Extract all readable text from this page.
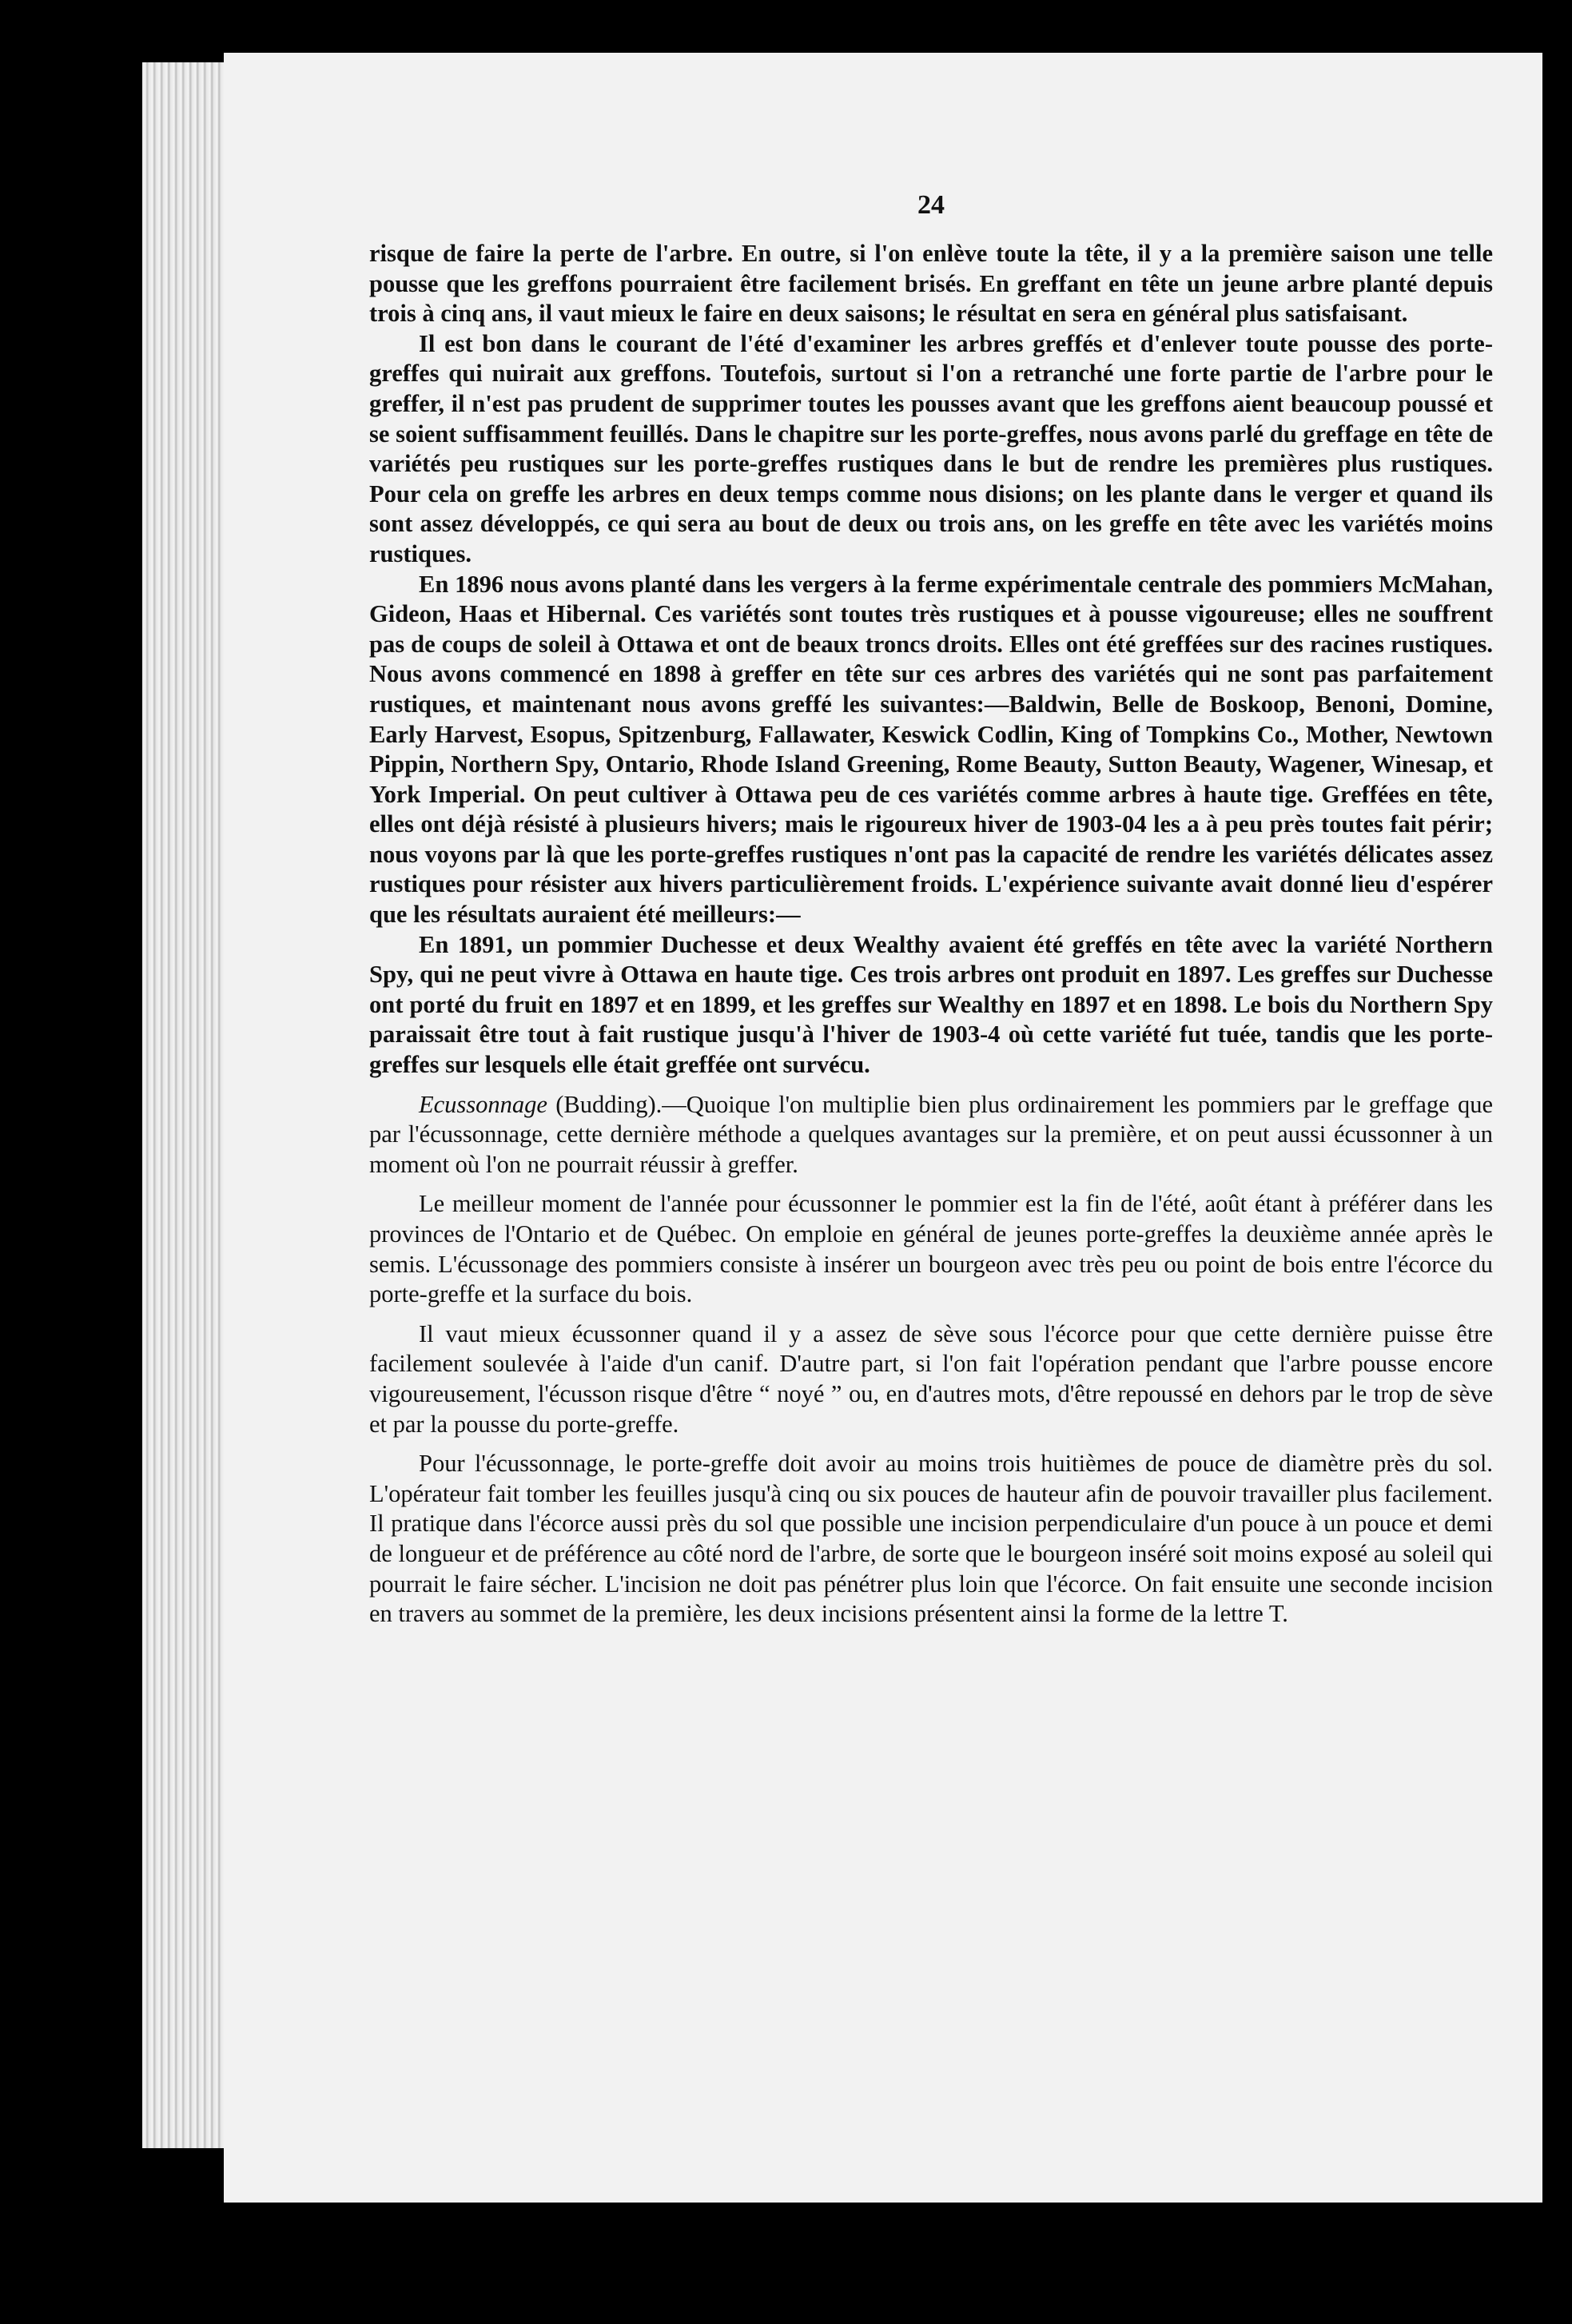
24

risque de faire la perte de l'arbre. En outre, si l'on enlève toute la tête, il y a la première saison une telle pousse que les greffons pourraient être facilement brisés. En greffant en tête un jeune arbre planté depuis trois à cinq ans, il vaut mieux le faire en deux saisons; le résultat en sera en général plus satisfaisant.

Il est bon dans le courant de l'été d'examiner les arbres greffés et d'enlever toute pousse des porte-greffes qui nuirait aux greffons. Toutefois, surtout si l'on a retranché une forte partie de l'arbre pour le greffer, il n'est pas prudent de supprimer toutes les pousses avant que les greffons aient beaucoup poussé et se soient suffisamment feuillés. Dans le chapitre sur les porte-greffes, nous avons parlé du greffage en tête de variétés peu rustiques sur les porte-greffes rustiques dans le but de rendre les premières plus rustiques. Pour cela on greffe les arbres en deux temps comme nous disions; on les plante dans le verger et quand ils sont assez développés, ce qui sera au bout de deux ou trois ans, on les greffe en tête avec les variétés moins rustiques.

En 1896 nous avons planté dans les vergers à la ferme expérimentale centrale des pommiers McMahan, Gideon, Haas et Hibernal. Ces variétés sont toutes très rustiques et à pousse vigoureuse; elles ne souffrent pas de coups de soleil à Ottawa et ont de beaux troncs droits. Elles ont été greffées sur des racines rustiques. Nous avons commencé en 1898 à greffer en tête sur ces arbres des variétés qui ne sont pas parfaitement rustiques, et maintenant nous avons greffé les suivantes:—Baldwin, Belle de Boskoop, Benoni, Domine, Early Harvest, Esopus, Spitzenburg, Fallawater, Keswick Codlin, King of Tompkins Co., Mother, Newtown Pippin, Northern Spy, Ontario, Rhode Island Greening, Rome Beauty, Sutton Beauty, Wagener, Winesap, et York Imperial. On peut cultiver à Ottawa peu de ces variétés comme arbres à haute tige. Greffées en tête, elles ont déjà résisté à plusieurs hivers; mais le rigoureux hiver de 1903-04 les a à peu près toutes fait périr; nous voyons par là que les porte-greffes rustiques n'ont pas la capacité de rendre les variétés délicates assez rustiques pour résister aux hivers particulièrement froids. L'expérience suivante avait donné lieu d'espérer que les résultats auraient été meilleurs:—

En 1891, un pommier Duchesse et deux Wealthy avaient été greffés en tête avec la variété Northern Spy, qui ne peut vivre à Ottawa en haute tige. Ces trois arbres ont produit en 1897. Les greffes sur Duchesse ont porté du fruit en 1897 et en 1899, et les greffes sur Wealthy en 1897 et en 1898. Le bois du Northern Spy paraissait être tout à fait rustique jusqu'à l'hiver de 1903-4 où cette variété fut tuée, tandis que les porte-greffes sur lesquels elle était greffée ont survécu.

Ecussonnage (Budding).—Quoique l'on multiplie bien plus ordinairement les pommiers par le greffage que par l'écussonnage, cette dernière méthode a quelques avantages sur la première, et on peut aussi écussonner à un moment où l'on ne pourrait réussir à greffer.

Le meilleur moment de l'année pour écussonner le pommier est la fin de l'été, août étant à préférer dans les provinces de l'Ontario et de Québec. On emploie en général de jeunes porte-greffes la deuxième année après le semis. L'écussonage des pommiers consiste à insérer un bourgeon avec très peu ou point de bois entre l'écorce du porte-greffe et la surface du bois.

Il vaut mieux écussonner quand il y a assez de sève sous l'écorce pour que cette dernière puisse être facilement soulevée à l'aide d'un canif. D'autre part, si l'on fait l'opération pendant que l'arbre pousse encore vigoureusement, l'écusson risque d'être “ noyé ” ou, en d'autres mots, d'être repoussé en dehors par le trop de sève et par la pousse du porte-greffe.

Pour l'écussonnage, le porte-greffe doit avoir au moins trois huitièmes de pouce de diamètre près du sol. L'opérateur fait tomber les feuilles jusqu'à cinq ou six pouces de hauteur afin de pouvoir travailler plus facilement. Il pratique dans l'écorce aussi près du sol que possible une incision perpendiculaire d'un pouce à un pouce et demi de longueur et de préférence au côté nord de l'arbre, de sorte que le bourgeon inséré soit moins exposé au soleil qui pourrait le faire sécher. L'incision ne doit pas pénétrer plus loin que l'écorce. On fait ensuite une seconde incision en travers au sommet de la première, les deux incisions présentent ainsi la forme de la lettre T.
